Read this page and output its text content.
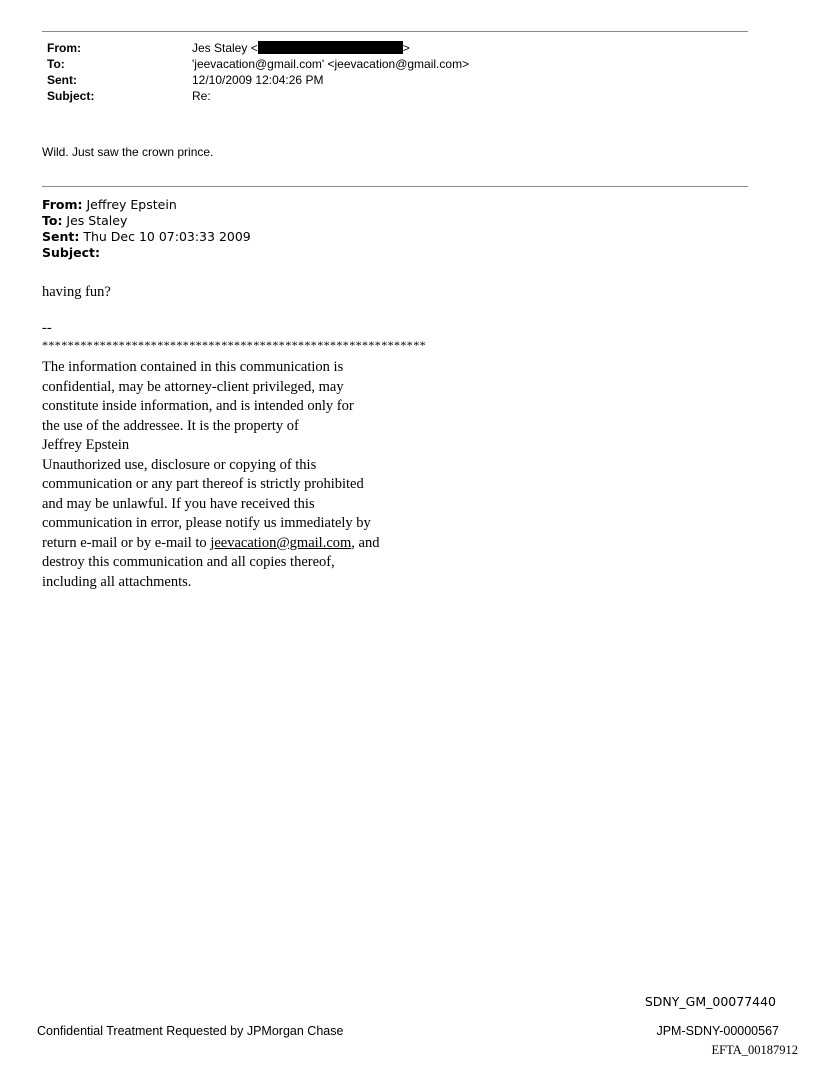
From:	Jes Staley <	>
To:	'jeevacation@gmail.com' <jeevacation@gmail.com>
Sent:	12/10/2009 12:04:26 PM
Subject:	Re:
Wild. Just saw the crown prince.
From: Jeffrey Epstein
To: Jes Staley
Sent: Thu Dec 10 07:03:33 2009
Subject:
having fun?
--
************************************************************
The information contained in this communication is
confidential, may be attorney-client privileged, may
constitute inside information, and is intended only for
the use of the addressee. It is the property of
Jeffrey Epstein
Unauthorized use, disclosure or copying of this
communication or any part thereof is strictly prohibited
and may be unlawful. If you have received this
communication in error, please notify us immediately by
return e-mail or by e-mail to jeevacation@gmail.com, and
destroy this communication and all copies thereof,
including all attachments.
SDNY_GM_00077440
Confidential Treatment Requested by JPMorgan Chase	JPM-SDNY-00000567
EFTA_00187912
